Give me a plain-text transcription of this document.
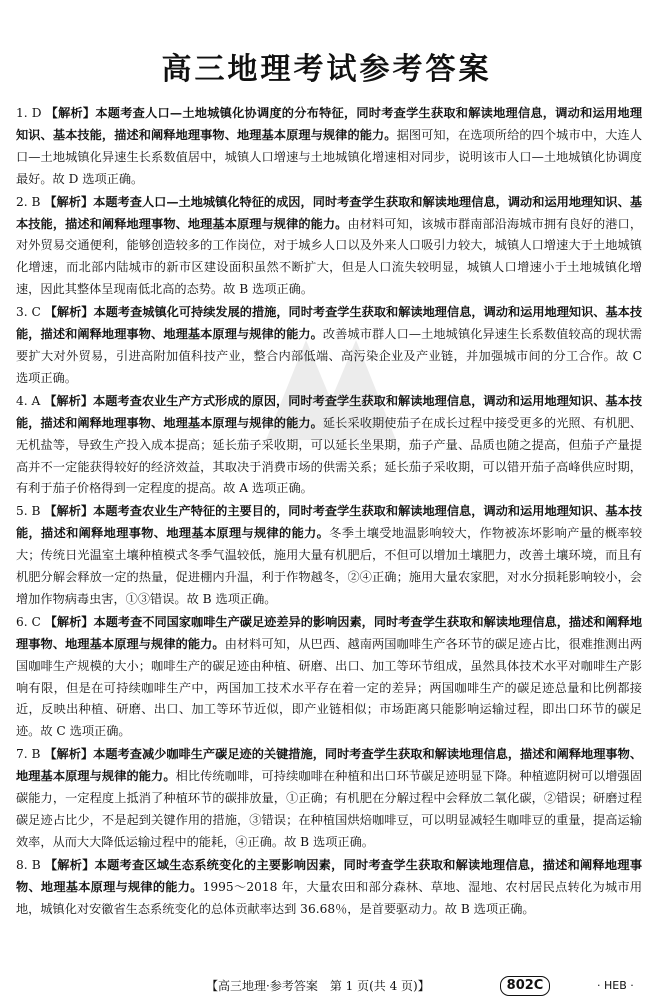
高三地理考试参考答案

1. D 【解析】本题考查人口—土地城镇化协调度的分布特征，同时考查学生获取和解读地理信息，调动和运用地理知识、基本技能，描述和阐释地理事物、地理基本原理与规律的能力。据图可知，在选项所给的四个城市中，大连人口—土地城镇化异速生长系数值居中，城镇人口增速与土地城镇化增速相对同步，说明该市人口—土地城镇化协调度最好。故 D 选项正确。

2. B 【解析】本题考查人口—土地城镇化特征的成因，同时考查学生获取和解读地理信息，调动和运用地理知识、基本技能，描述和阐释地理事物、地理基本原理与规律的能力。由材料可知，该城市群南部沿海城市拥有良好的港口，对外贸易交通便利，能够创造较多的工作岗位，对于城乡人口以及外来人口吸引力较大，城镇人口增速大于土地城镇化增速，而北部内陆城市的新市区建设面积虽然不断扩大，但是人口流失较明显，城镇人口增速小于土地城镇化增速，因此其整体呈现南低北高的态势。故 B 选项正确。

3. C 【解析】本题考查城镇化可持续发展的措施，同时考查学生获取和解读地理信息，调动和运用地理知识、基本技能，描述和阐释地理事物、地理基本原理与规律的能力。改善城市群人口—土地城镇化异速生长系数值较高的现状需要扩大对外贸易，引进高附加值科技产业，整合内部低端、高污染企业及产业链，并加强城市间的分工合作。故 C 选项正确。

4. A 【解析】本题考查农业生产方式形成的原因，同时考查学生获取和解读地理信息，调动和运用地理知识、基本技能，描述和阐释地理事物、地理基本原理与规律的能力。延长采收期使茄子在成长过程中接受更多的光照、有机肥、无机盐等，导致生产投入成本提高；延长茄子采收期，可以延长坐果期，茄子产量、品质也随之提高，但茄子产量提高并不一定能获得较好的经济效益，其取决于消费市场的供需关系；延长茄子采收期，可以错开茄子高峰供应时期，有利于茄子价格得到一定程度的提高。故 A 选项正确。

5. B 【解析】本题考查农业生产特征的主要目的，同时考查学生获取和解读地理信息，调动和运用地理知识、基本技能，描述和阐释地理事物、地理基本原理与规律的能力。冬季土壤受地温影响较大，作物被冻坏影响产量的概率较大；传统日光温室土壤种植模式冬季气温较低，施用大量有机肥后，不但可以增加土壤肥力，改善土壤环境，而且有机肥分解会释放一定的热量，促进棚内升温，利于作物越冬，②④正确；施用大量农家肥，对水分损耗影响较小，会增加作物病毒虫害，①③错误。故 B 选项正确。

6. C 【解析】本题考查不同国家咖啡生产碳足迹差异的影响因素，同时考查学生获取和解读地理信息，描述和阐释地理事物、地理基本原理与规律的能力。由材料可知，从巴西、越南两国咖啡生产各环节的碳足迹占比，很难推测出两国咖啡生产规模的大小；咖啡生产的碳足迹由种植、研磨、出口、加工等环节组成，虽然具体技术水平对咖啡生产影响有限，但是在可持续咖啡生产中，两国加工技术水平存在着一定的差异；两国咖啡生产的碳足迹总量和比例都接近，反映出种植、研磨、出口、加工等环节近似，即产业链相似；市场距离只能影响运输过程，即出口环节的碳足迹。故 C 选项正确。

7. B 【解析】本题考查减少咖啡生产碳足迹的关键措施，同时考查学生获取和解读地理信息，描述和阐释地理事物、地理基本原理与规律的能力。相比传统咖啡，可持续咖啡在种植和出口环节碳足迹明显下降。种植遮阴树可以增强固碳能力，一定程度上抵消了种植环节的碳排放量，①正确；有机肥在分解过程中会释放二氧化碳，②错误；研磨过程碳足迹占比少，不是起到关键作用的措施，③错误；在种植国烘焙咖啡豆，可以明显减轻生咖啡豆的重量，提高运输效率，从而大大降低运输过程中的能耗，④正确。故 B 选项正确。

8. B 【解析】本题考查区域生态系统变化的主要影响因素，同时考查学生获取和解读地理信息，描述和阐释地理事物、地理基本原理与规律的能力。1995～2018 年，大量农田和部分森林、草地、湿地、农村居民点转化为城市用地，城镇化对安徽省生态系统变化的总体贡献率达到 36.68％，是首要驱动力。故 B 选项正确。

【高三地理·参考答案　第 1 页(共 4 页)】	802C	· HEB ·
